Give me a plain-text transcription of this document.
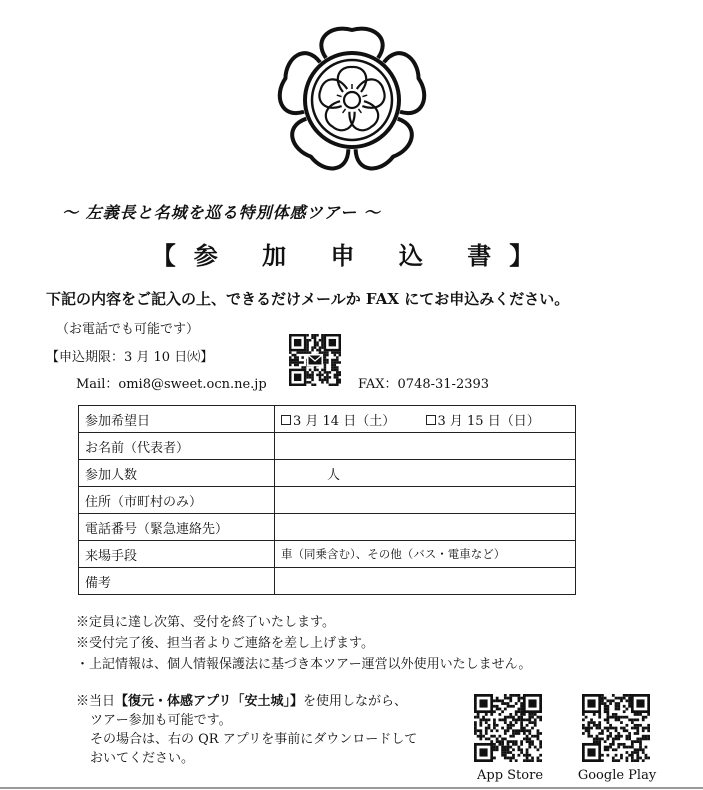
～ 左義長と名城を巡る特別体感ツアー ～
【参 加 申 込 書】
下記の内容をご記入の上、できるだけメールか FAX にてお申込みください。
（お電話でも可能です）
【申込期限：3 月 10 日㈫】
Mail：omi8@sweet.ocn.ne.jp	FAX：0748-31-2393
参加希望日	3 月 14 日（土） 3 月 15 日（日）
お名前（代表者）	
参加人数	人
住所（市町村のみ）	
電話番号（緊急連絡先）	
来場手段	車（同乗含む）、その他（バス・電車など）
備考	
※定員に達し次第、受付を終了いたします。
※受付完了後、担当者よりご連絡を差し上げます。
・上記情報は、個人情報保護法に基づき本ツアー運営以外使用いたしません。
※当日【復元・体感アプリ「安土城」】を使用しながら、
ツアー参加も可能です。
その場合は、右の QR アプリを事前にダウンロードして
おいてください。
App Store	Google Play
